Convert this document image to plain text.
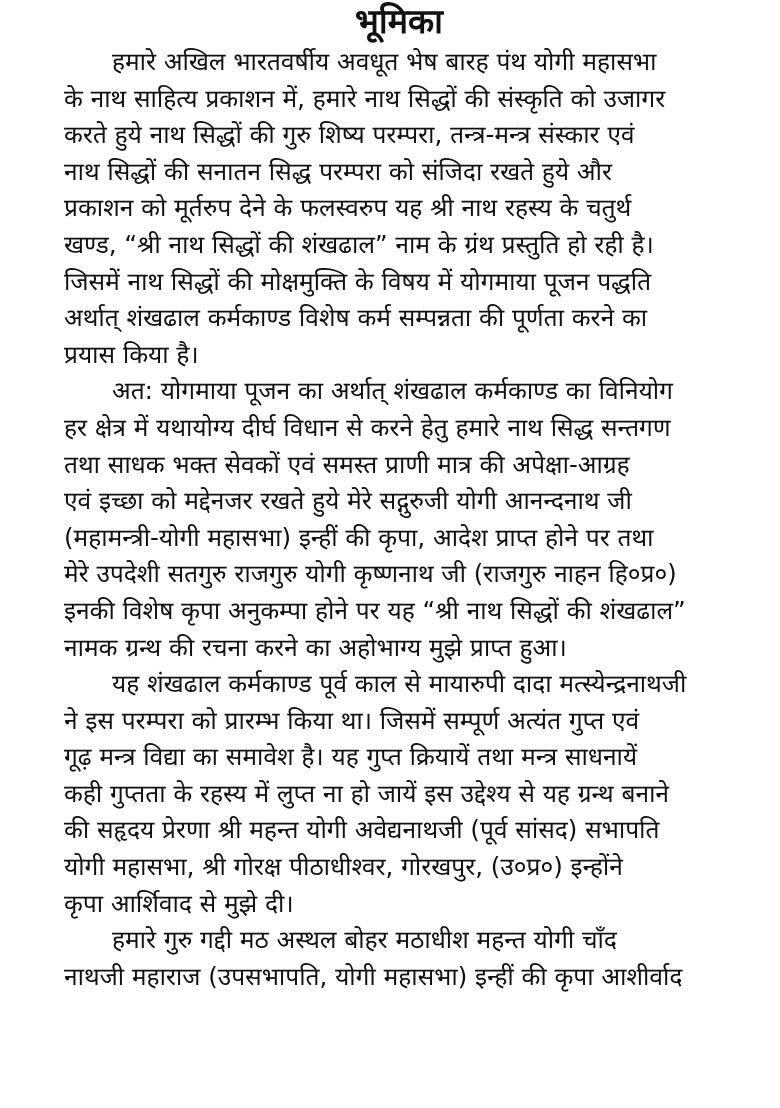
भूमिका
हमारे अखिल भारतवर्षीय अवधूत भेष बारह पंथ योगी महासभा
के नाथ साहित्य प्रकाशन में, हमारे नाथ सिद्धों की संस्कृति को उजागर
करते हुये नाथ सिद्धों की गुरु शिष्य परम्परा, तन्त्र-मन्त्र संस्कार एवं
नाथ सिद्धों की सनातन सिद्ध परम्परा को संजिदा रखते हुये और
प्रकाशन को मूर्तरुप देने के फलस्वरुप यह श्री नाथ रहस्य के चतुर्थ
खण्ड, “श्री नाथ सिद्धों की शंखढाल” नाम के ग्रंथ प्रस्तुति हो रही है।
जिसमें नाथ सिद्धों की मोक्षमुक्ति के विषय में योगमाया पूजन पद्धति
अर्थात् शंखढाल कर्मकाण्ड विशेष कर्म सम्पन्नता की पूर्णता करने का
प्रयास किया है।
अत: योगमाया पूजन का अर्थात् शंखढाल कर्मकाण्ड का विनियोग
हर क्षेत्र में यथायोग्य दीर्घ विधान से करने हेतु हमारे नाथ सिद्ध सन्तगण
तथा साधक भक्त सेवकों एवं समस्त प्राणी मात्र की अपेक्षा-आग्रह
एवं इच्छा को मद्देनजर रखते हुये मेरे सद्गुरुजी योगी आनन्दनाथ जी
(महामन्त्री-योगी महासभा) इन्हीं की कृपा, आदेश प्राप्त होने पर तथा
मेरे उपदेशी सतगुरु राजगुरु योगी कृष्णनाथ जी (राजगुरु नाहन हि०प्र०)
इनकी विशेष कृपा अनुकम्पा होने पर यह “श्री नाथ सिद्धों की शंखढाल”
नामक ग्रन्थ की रचना करने का अहोभाग्य मुझे प्राप्त हुआ।
यह शंखढाल कर्मकाण्ड पूर्व काल से मायारुपी दादा मत्स्येन्द्रनाथजी
ने इस परम्परा को प्रारम्भ किया था। जिसमें सम्पूर्ण अत्यंत गुप्त एवं
गूढ़ मन्त्र विद्या का समावेश है। यह गुप्त क्रियायें तथा मन्त्र साधनायें
कही गुप्तता के रहस्य में लुप्त ना हो जायें इस उद्देश्य से यह ग्रन्थ बनाने
की सहृदय प्रेरणा श्री महन्त योगी अवेद्यनाथजी (पूर्व सांसद) सभापति
योगी महासभा, श्री गोरक्ष पीठाधीश्वर, गोरखपुर, (उ०प्र०) इन्होंने
कृपा आर्शिवाद से मुझे दी।
हमारे गुरु गद्दी मठ अस्थल बोहर मठाधीश महन्त योगी चाँद
नाथजी महाराज (उपसभापति, योगी महासभा) इन्हीं की कृपा आशीर्वाद
